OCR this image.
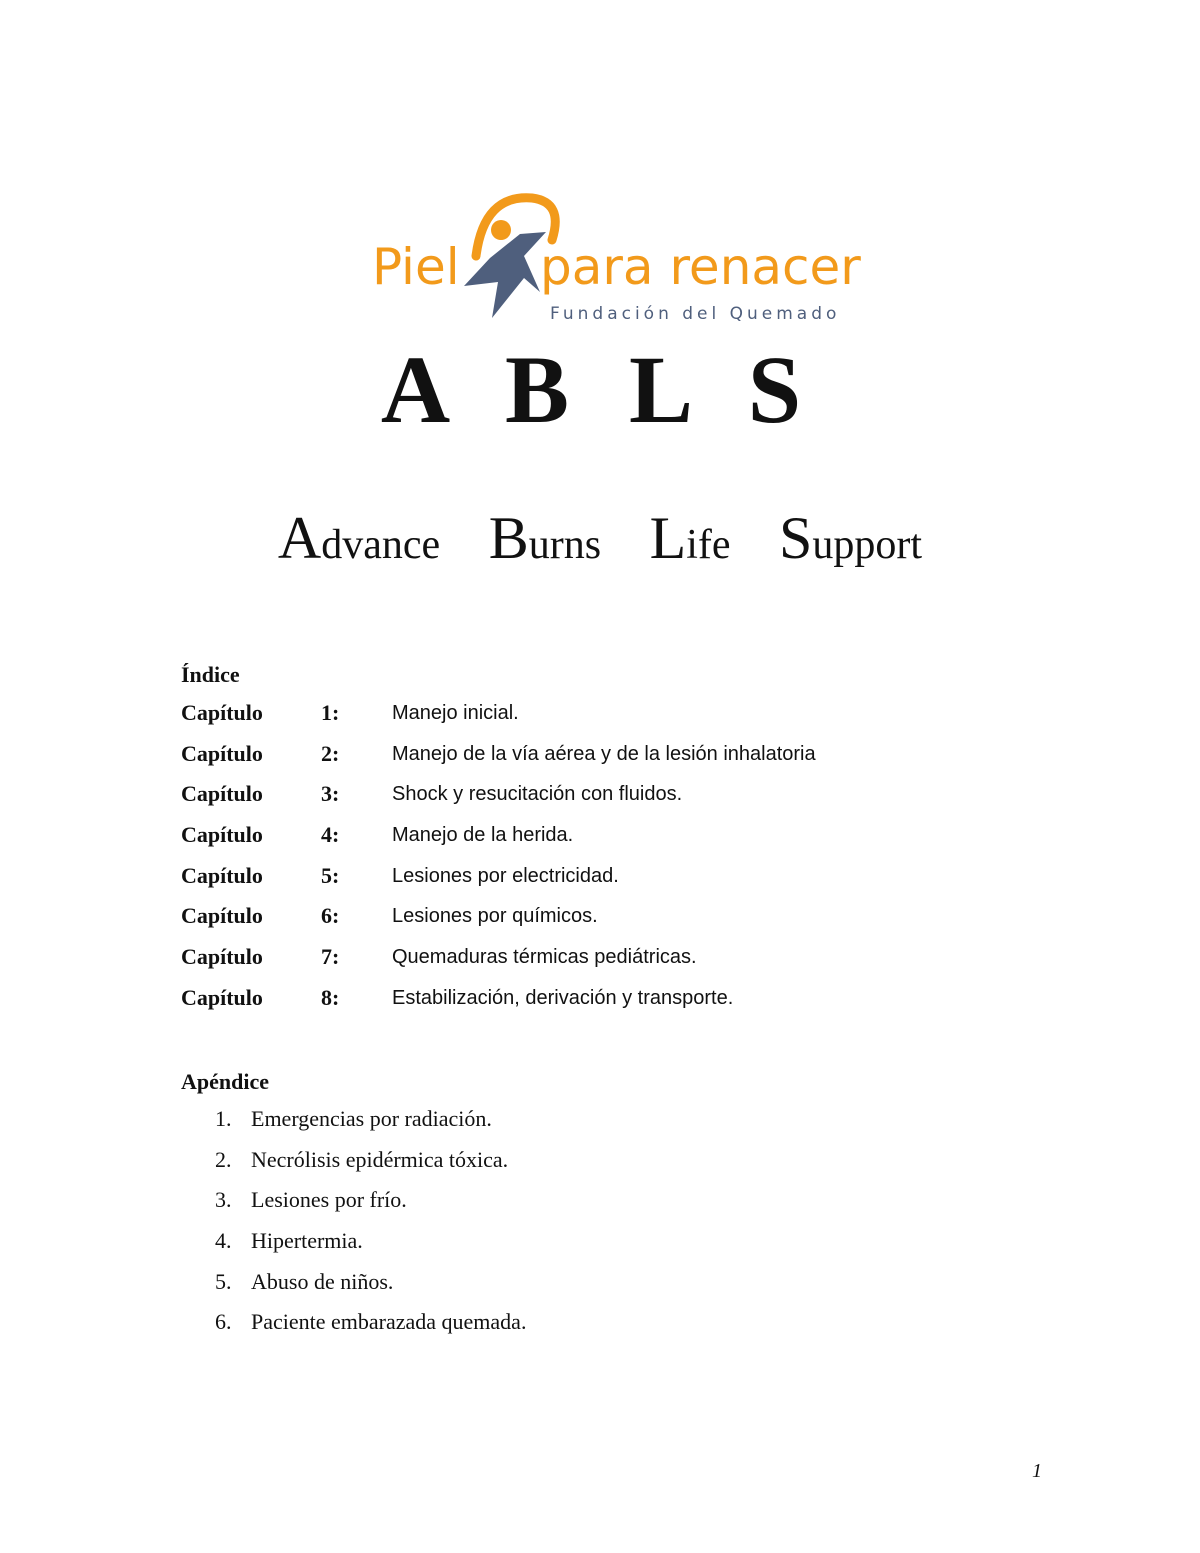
Piel para renacer
Fundación del Quemado
A B L S
Advance Burns Life Support
Índice
Capítulo	1:	Manejo inicial.
Capítulo	2:	Manejo de la vía aérea y de la lesión inhalatoria
Capítulo	3:	Shock y resucitación con fluidos.
Capítulo	4:	Manejo de la herida.
Capítulo	5:	Lesiones por electricidad.
Capítulo	6:	Lesiones por químicos.
Capítulo	7:	Quemaduras térmicas pediátricas.
Capítulo	8:	Estabilización, derivación y transporte.
Apéndice
1. Emergencias por radiación.
2. Necrólisis epidérmica tóxica.
3. Lesiones por frío.
4. Hipertermia.
5. Abuso de niños.
6. Paciente embarazada quemada.
1
